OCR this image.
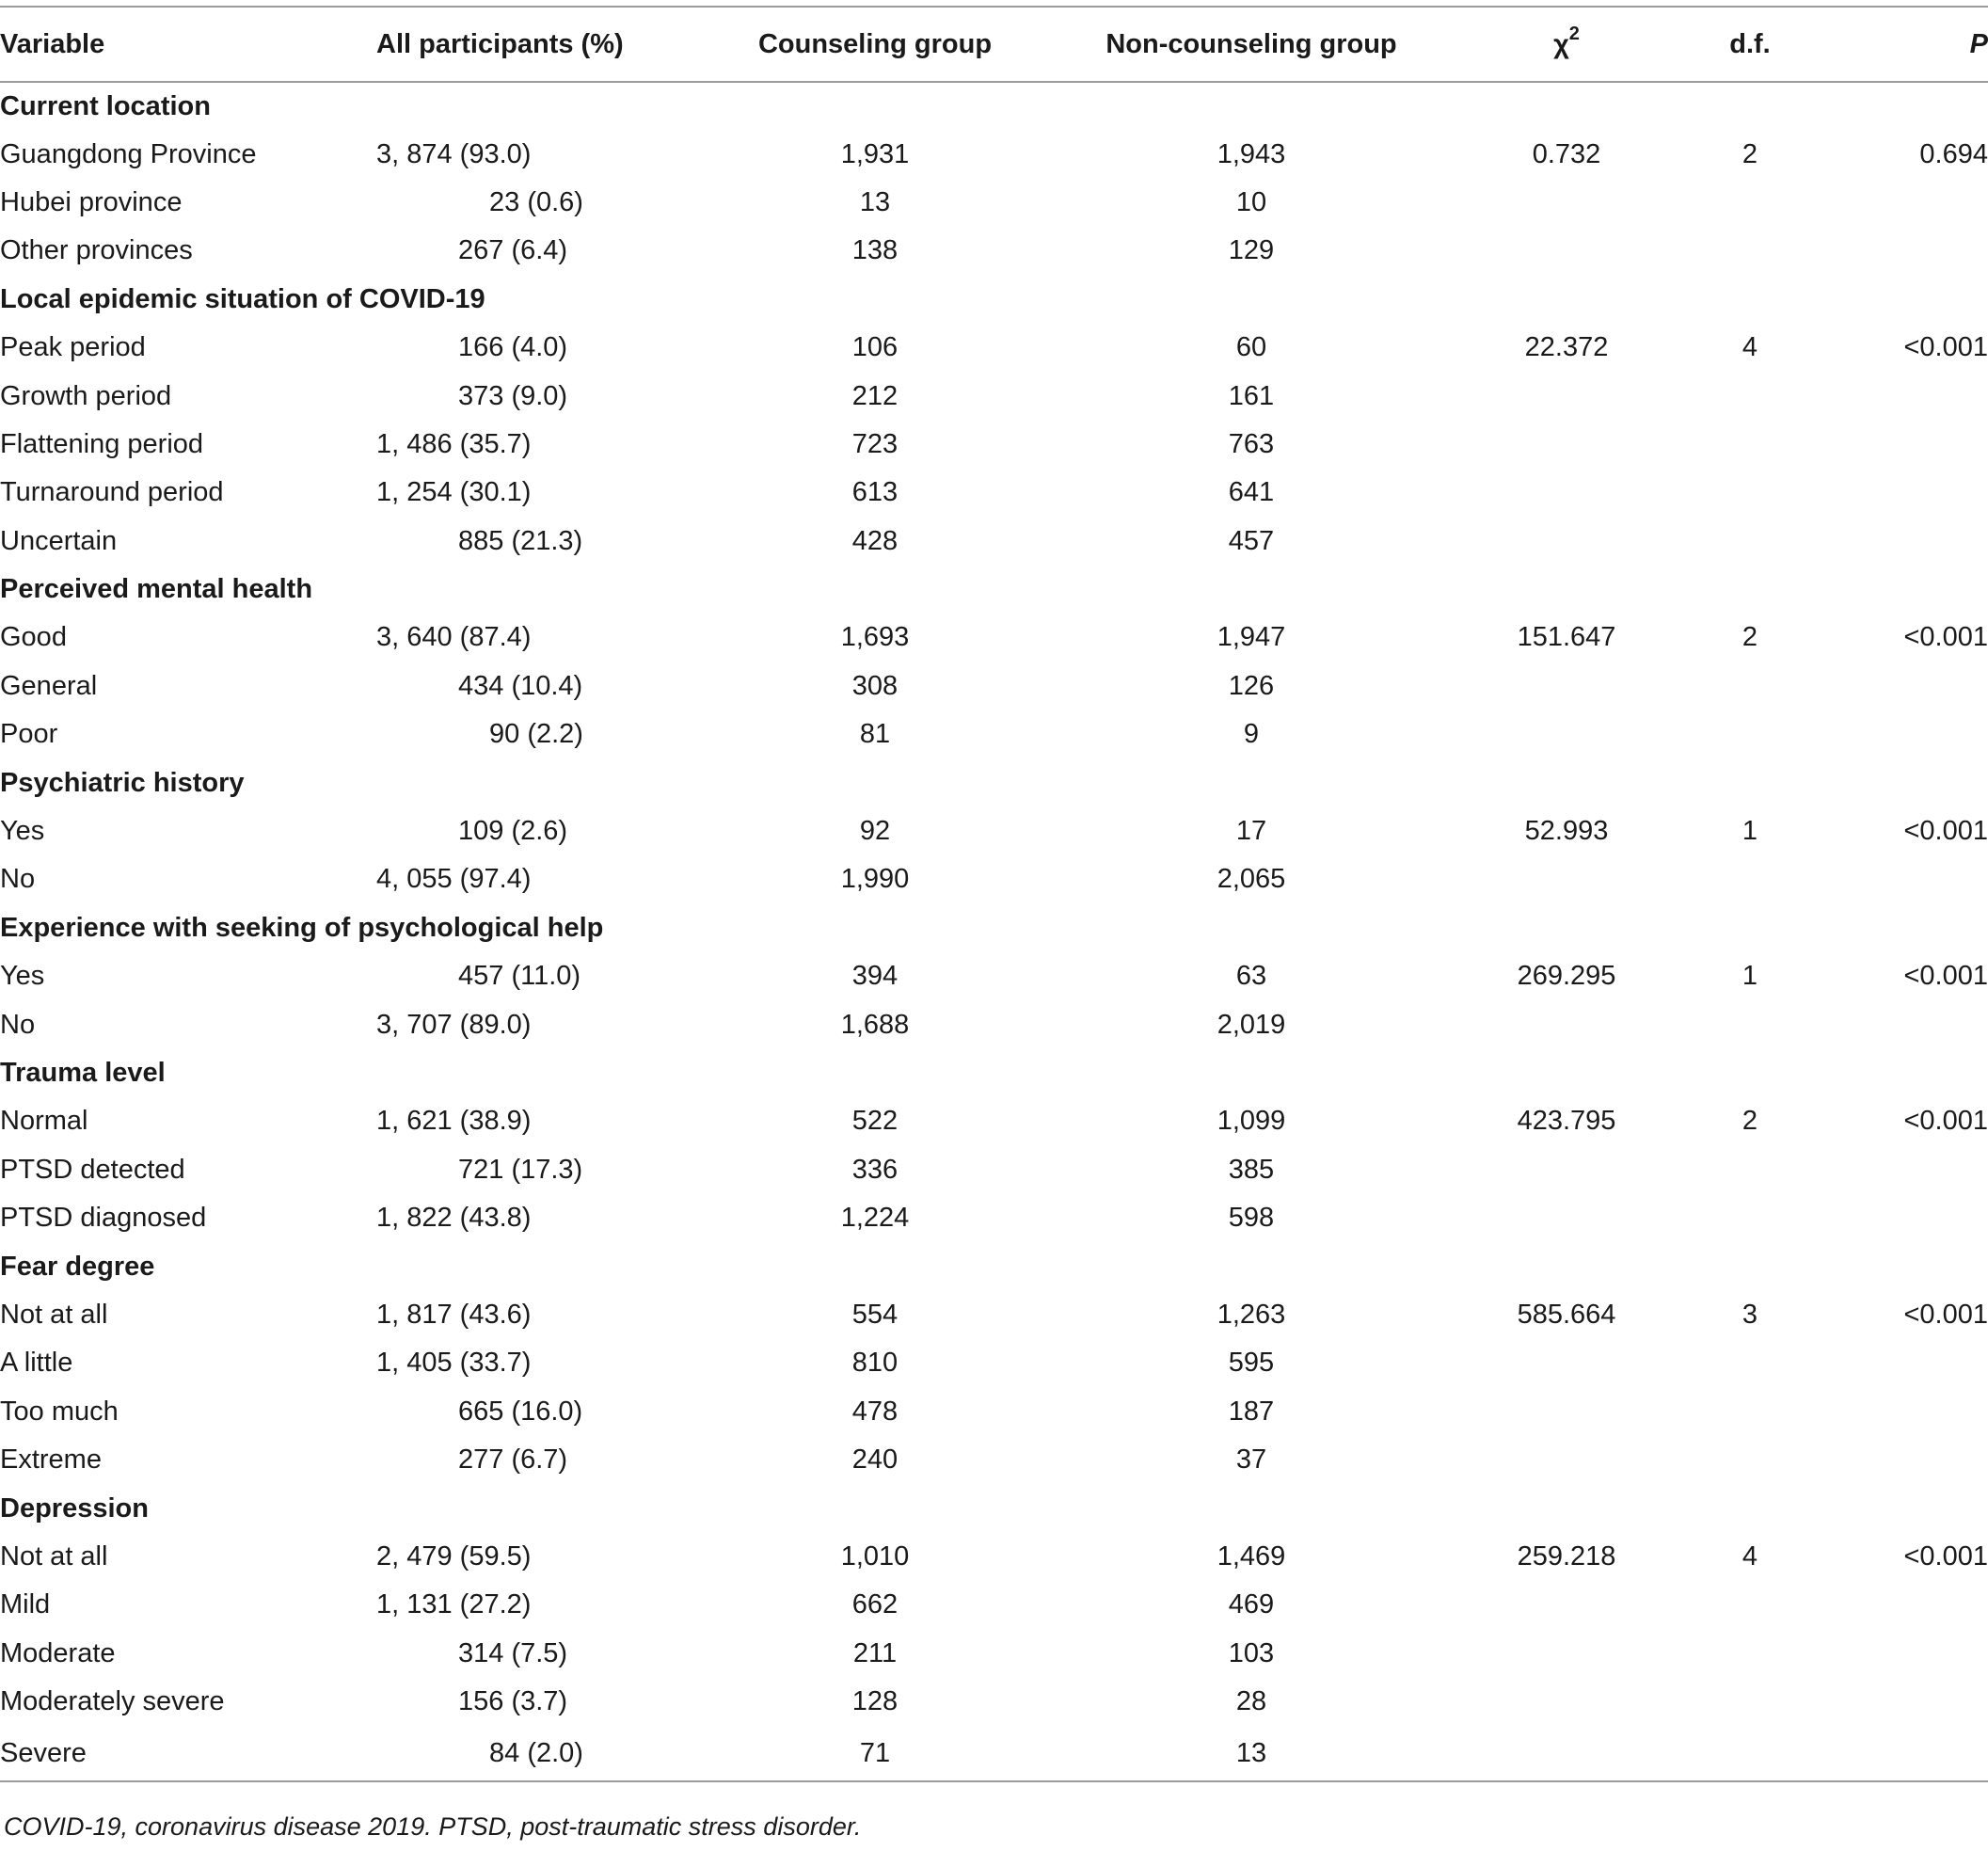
Variable	All participants (%)	Counseling group	Non-counseling group	$\chi^2$	d.f.	P
Current location						
Guangdong Province	3, 874 (93.0)	1,931	1,943	0.732	2	0.694
Hubei province	23 (0.6)	13	10			
Other provinces	267 (6.4)	138	129			
Local epidemic situation of COVID-19						
Peak period	166 (4.0)	106	60	22.372	4	<0.001
Growth period	373 (9.0)	212	161			
Flattening period	1, 486 (35.7)	723	763			
Turnaround period	1, 254 (30.1)	613	641			
Uncertain	885 (21.3)	428	457			
Perceived mental health						
Good	3, 640 (87.4)	1,693	1,947	151.647	2	<0.001
General	434 (10.4)	308	126			
Poor	90 (2.2)	81	9			
Psychiatric history						
Yes	109 (2.6)	92	17	52.993	1	<0.001
No	4, 055 (97.4)	1,990	2,065			
Experience with seeking of psychological help						
Yes	457 (11.0)	394	63	269.295	1	<0.001
No	3, 707 (89.0)	1,688	2,019			
Trauma level						
Normal	1, 621 (38.9)	522	1,099	423.795	2	<0.001
PTSD detected	721 (17.3)	336	385			
PTSD diagnosed	1, 822 (43.8)	1,224	598			
Fear degree						
Not at all	1, 817 (43.6)	554	1,263	585.664	3	<0.001
A little	1, 405 (33.7)	810	595			
Too much	665 (16.0)	478	187			
Extreme	277 (6.7)	240	37			
Depression						
Not at all	2, 479 (59.5)	1,010	1,469	259.218	4	<0.001
Mild	1, 131 (27.2)	662	469			
Moderate	314 (7.5)	211	103			
Moderately severe	156 (3.7)	128	28			
Severe	84 (2.0)	71	13			
COVID-19, coronavirus disease 2019. PTSD, post-traumatic stress disorder.
